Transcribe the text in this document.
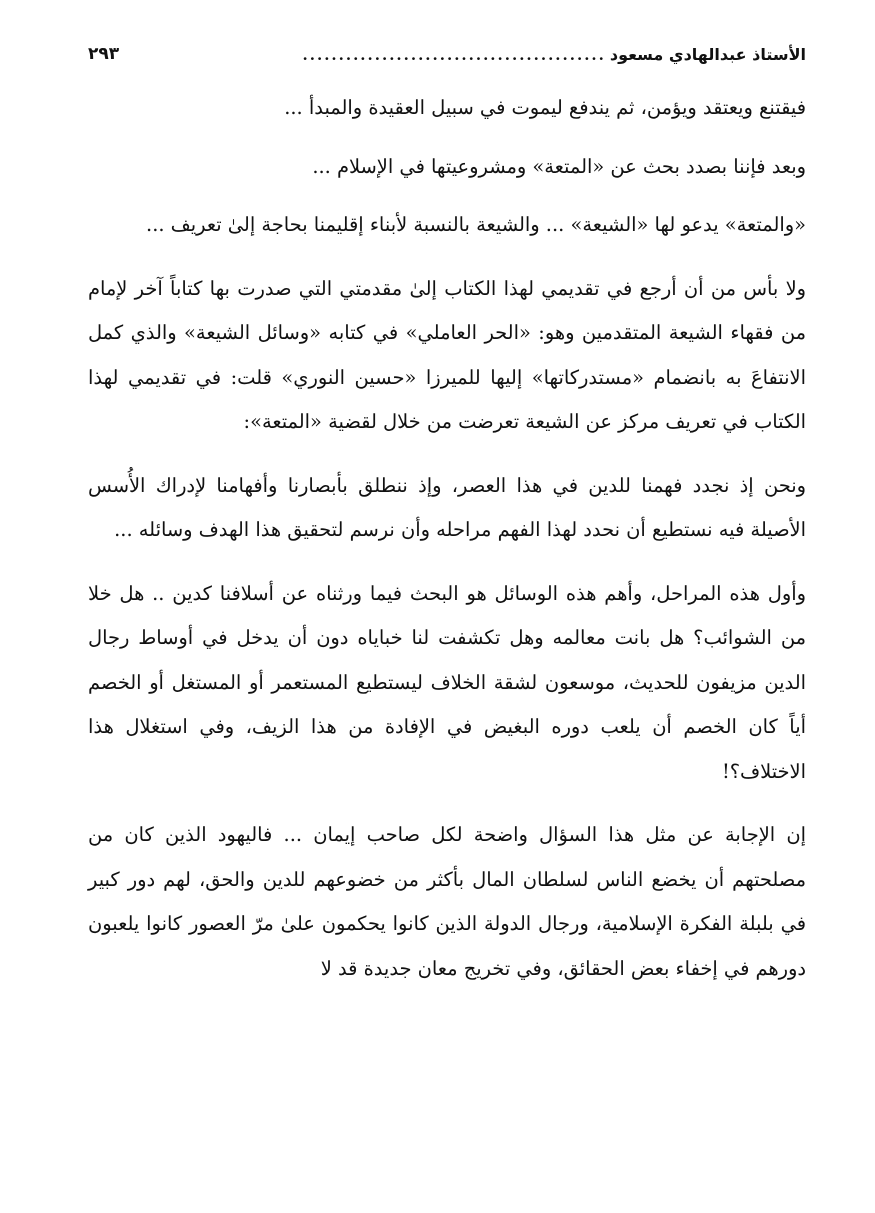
الأستاذ عبدالهادي مسعود
..........................................
٢٩٣

فيقتنع ويعتقد ويؤمن، ثم يندفع ليموت في سبيل العقيدة والمبدأ ...

وبعد فإننا بصدد بحث عن «المتعة» ومشروعيتها في الإسلام ...

«والمتعة» يدعو لها «الشيعة» ... والشيعة بالنسبة لأبناء إقليمنا بحاجة إلىٰ تعريف ...

ولا بأس من أن أرجع في تقديمي لهذا الكتاب إلىٰ مقدمتي التي صدرت بها كتاباً آخر لإمام من فقهاء الشيعة المتقدمين وهو: «الحر العاملي» في كتابه «وسائل الشيعة» والذي كمل الانتفاعَ به بانضمام «مستدركاتها» إليها للميرزا «حسين النوري» قلت: في تقديمي لهذا الكتاب في تعريف مركز عن الشيعة تعرضت من خلال لقضية «المتعة»:

ونحن إذ نجدد فهمنا للدين في هذا العصر، وإذ ننطلق بأبصارنا وأفهامنا لإدراك الأُسس الأصيلة فيه نستطيع أن نحدد لهذا الفهم مراحله وأن نرسم لتحقيق هذا الهدف وسائله ...

وأول هذه المراحل، وأهم هذه الوسائل هو البحث فيما ورثناه عن أسلافنا كدين .. هل خلا من الشوائب؟ هل بانت معالمه وهل تكشفت لنا خباياه دون أن يدخل في أوساط رجال الدين مزيفون للحديث، موسعون لشقة الخلاف ليستطيع المستعمر أو المستغل أو الخصم أياً كان الخصم أن يلعب دوره البغيض في الإفادة من هذا الزيف، وفي استغلال هذا الاختلاف؟!

إن الإجابة عن مثل هذا السؤال واضحة لكل صاحب إيمان ... فاليهود الذين كان من مصلحتهم أن يخضع الناس لسلطان المال بأكثر من خضوعهم للدين والحق، لهم دور كبير في بلبلة الفكرة الإسلامية، ورجال الدولة الذين كانوا يحكمون علىٰ مرّ العصور كانوا يلعبون دورهم في إخفاء بعض الحقائق، وفي تخريج معان جديدة قد لا
